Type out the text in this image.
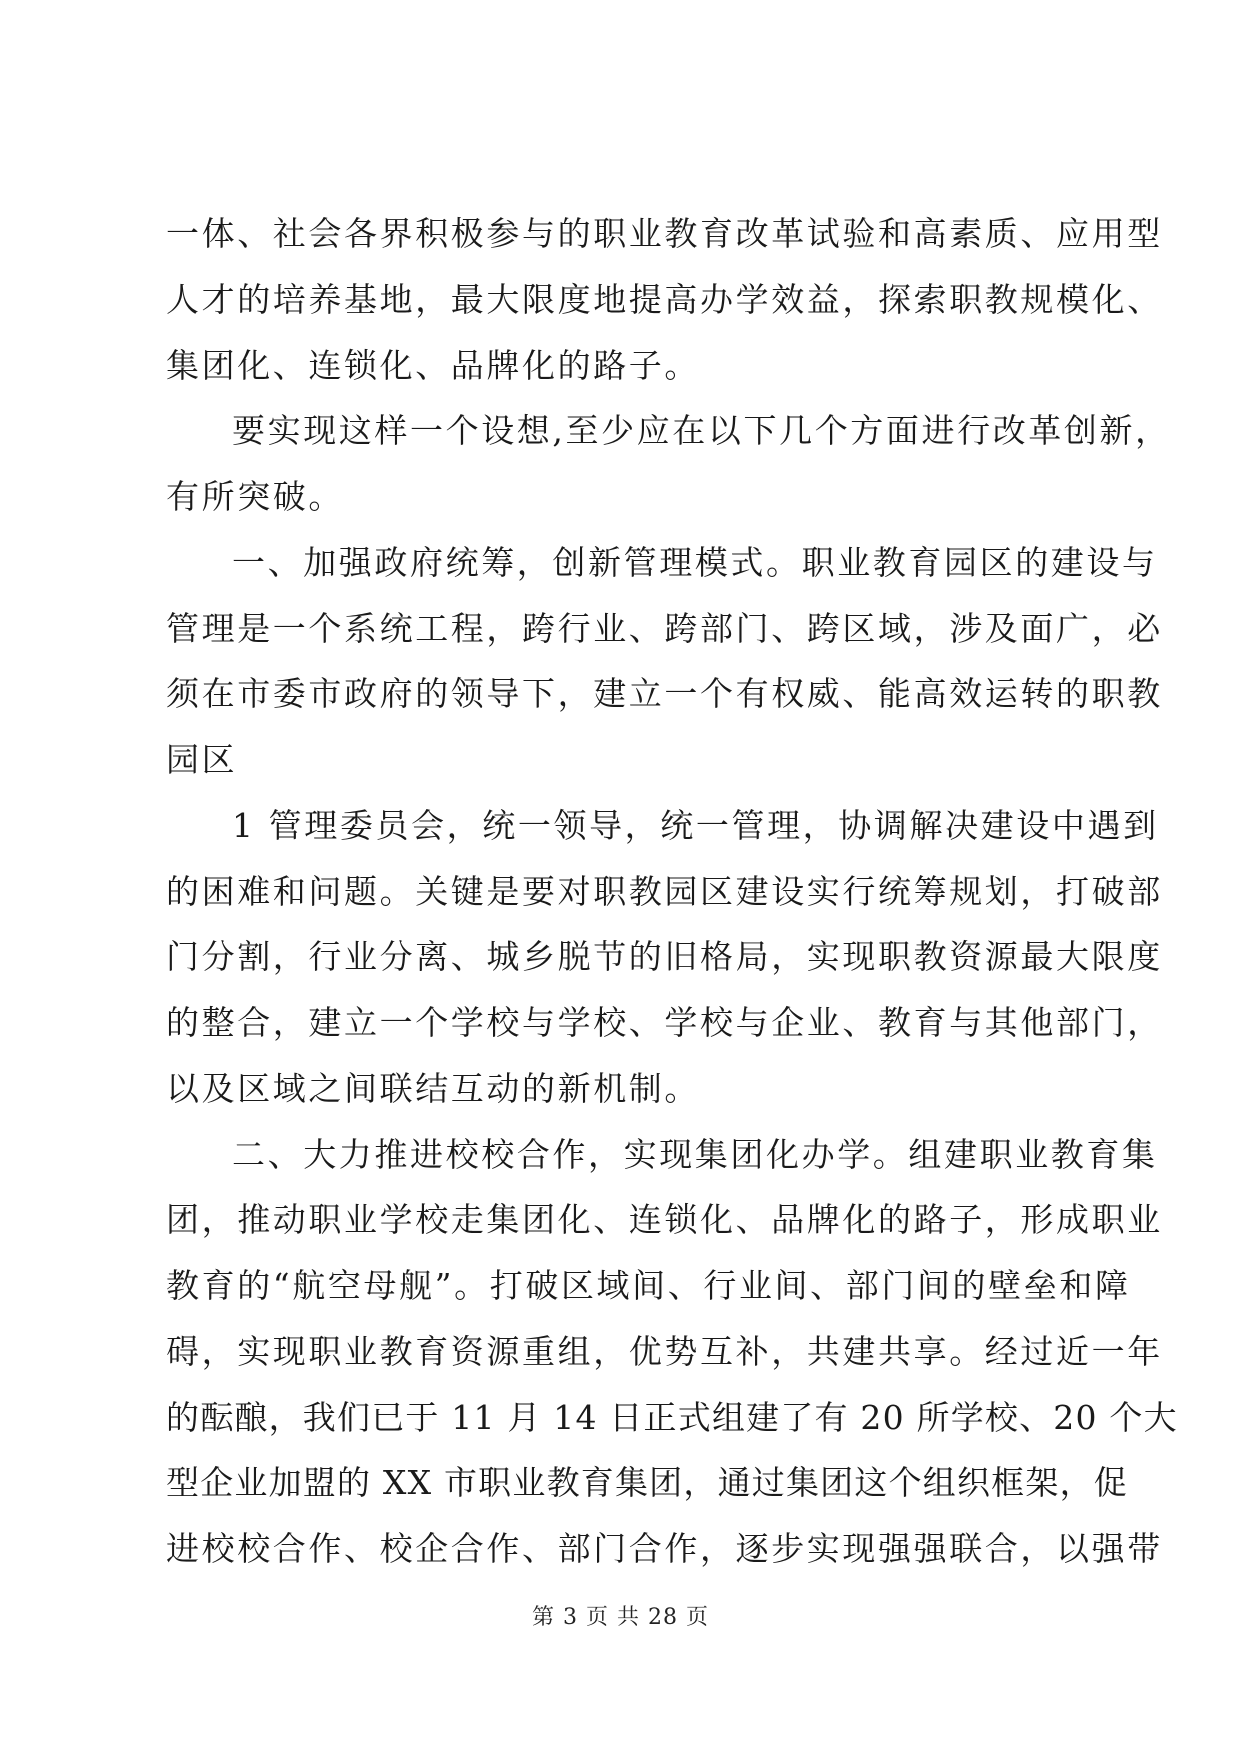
一体、社会各界积极参与的职业教育改革试验和高素质、应用型
人才的培养基地，最大限度地提高办学效益，探索职教规模化、
集团化、连锁化、品牌化的路子。
要实现这样一个设想,至少应在以下几个方面进行改革创新，
有所突破。
一、加强政府统筹，创新管理模式。职业教育园区的建设与
管理是一个系统工程，跨行业、跨部门、跨区域，涉及面广，必
须在市委市政府的领导下，建立一个有权威、能高效运转的职教
园区
1 管理委员会，统一领导，统一管理，协调解决建设中遇到
的困难和问题。关键是要对职教园区建设实行统筹规划，打破部
门分割，行业分离、城乡脱节的旧格局，实现职教资源最大限度
的整合，建立一个学校与学校、学校与企业、教育与其他部门，
以及区域之间联结互动的新机制。
二、大力推进校校合作，实现集团化办学。组建职业教育集
团，推动职业学校走集团化、连锁化、品牌化的路子，形成职业
教育的“航空母舰”。打破区域间、行业间、部门间的壁垒和障
碍，实现职业教育资源重组，优势互补，共建共享。经过近一年
的酝酿，我们已于 11 月 14 日正式组建了有 20 所学校、20 个大
型企业加盟的 XX 市职业教育集团，通过集团这个组织框架，促
进校校合作、校企合作、部门合作，逐步实现强强联合，以强带
第 3 页 共 28 页
